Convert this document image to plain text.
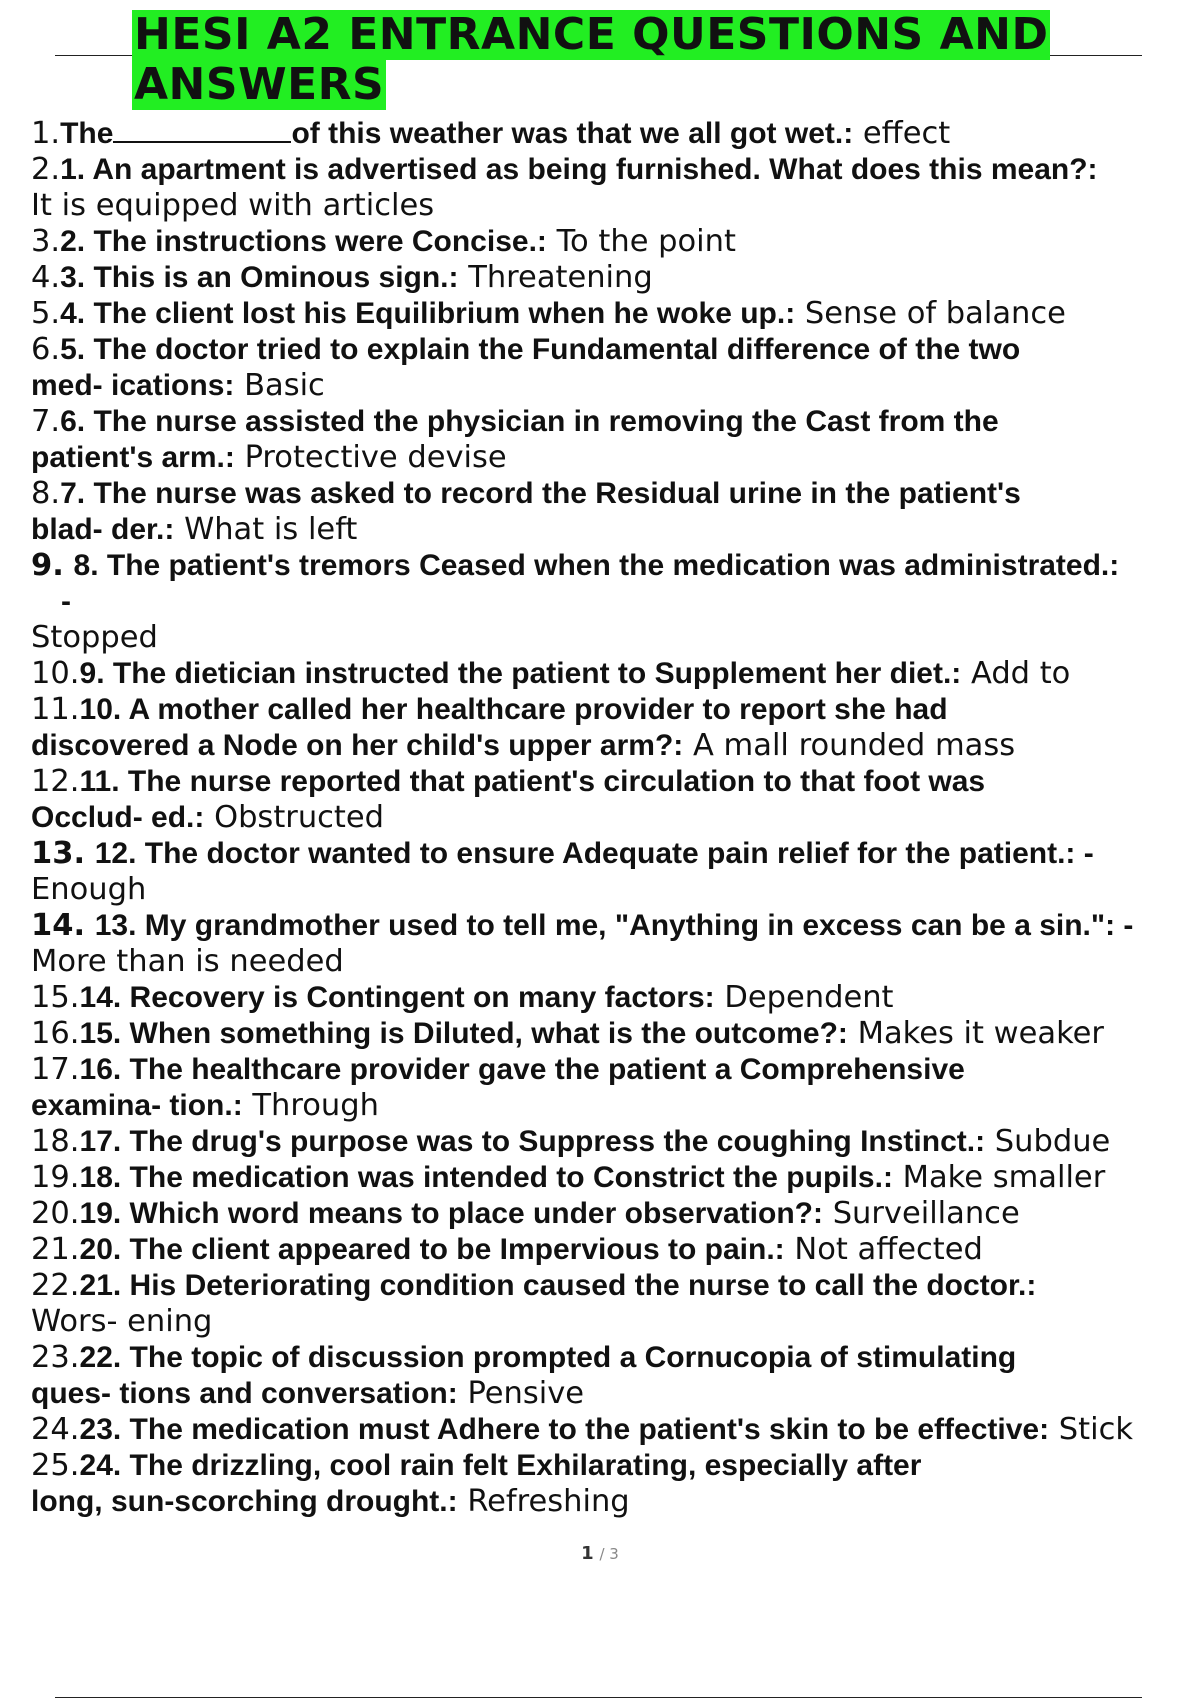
HESI A2 ENTRANCE QUESTIONS AND
ANSWERS
1.The	of this weather was that we all got wet.: effect
2.1. An apartment is advertised as being furnished. What does this mean?:
It is equipped with articles
3.2. The instructions were Concise.: To the point
4.3. This is an Ominous sign.: Threatening
5.4. The client lost his Equilibrium when he woke up.: Sense of balance
6.5. The doctor tried to explain the Fundamental difference of the two
med- ications: Basic
7.6. The nurse assisted the physician in removing the Cast from the
patient's arm.: Protective devise
8.7. The nurse was asked to record the Residual urine in the patient's
blad- der.: What is left
9. 8. The patient's tremors Ceased when the medication was administrated.:
-
Stopped
10.9. The dietician instructed the patient to Supplement her diet.: Add to
11.10. A mother called her healthcare provider to report she had
discovered a Node on her child's upper arm?: A mall rounded mass
12.11. The nurse reported that patient's circulation to that foot was
Occlud- ed.: Obstructed
13. 12. The doctor wanted to ensure Adequate pain relief for the patient.: -
Enough
14. 13. My grandmother used to tell me, "Anything in excess can be a sin.": -
More than is needed
15.14. Recovery is Contingent on many factors: Dependent
16.15. When something is Diluted, what is the outcome?: Makes it weaker
17.16. The healthcare provider gave the patient a Comprehensive
examina- tion.: Through
18.17. The drug's purpose was to Suppress the coughing Instinct.: Subdue
19.18. The medication was intended to Constrict the pupils.: Make smaller
20.19. Which word means to place under observation?: Surveillance
21.20. The client appeared to be Impervious to pain.: Not affected
22.21. His Deteriorating condition caused the nurse to call the doctor.:
Wors- ening
23.22. The topic of discussion prompted a Cornucopia of stimulating
ques- tions and conversation: Pensive
24.23. The medication must Adhere to the patient's skin to be effective: Stick
25.24. The drizzling, cool rain felt Exhilarating, especially after
long, sun-scorching drought.: Refreshing
1 / 3
